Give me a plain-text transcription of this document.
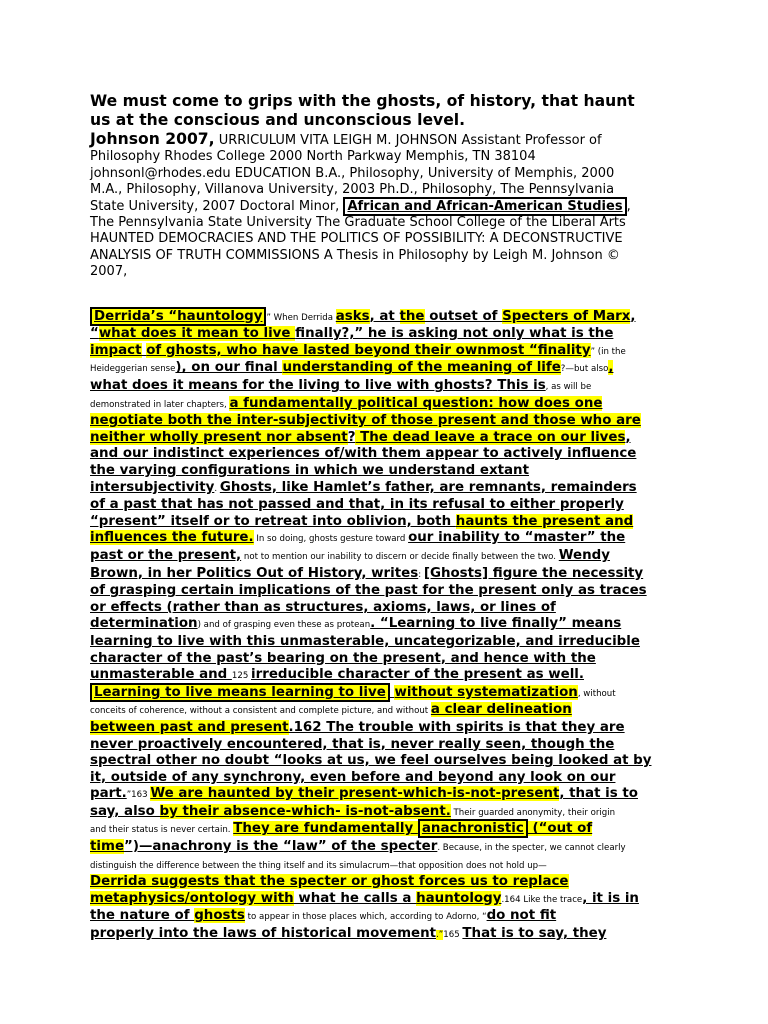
We must come to grips with the ghosts, of history, that haunt
us at the conscious and unconscious level.

Johnson 2007, URRICULUM VITA LEIGH M. JOHNSON Assistant Professor of
Philosophy Rhodes College 2000 North Parkway Memphis, TN 38104
johnsonl@rhodes.edu EDUCATION B.A., Philosophy, University of Memphis, 2000
M.A., Philosophy, Villanova University, 2003 Ph.D., Philosophy, The Pennsylvania
State University, 2007 Doctoral Minor, African and African-American Studies ,
The Pennsylvania State University The Graduate School College of the Liberal Arts
HAUNTED DEMOCRACIES AND THE POLITICS OF POSSIBILITY: A DECONSTRUCTIVE
ANALYSIS OF TRUTH COMMISSIONS A Thesis in Philosophy by Leigh M. Johnson ©
2007,
Derrida’s “hauntology ” When Derrida asks, at the outset of Specters of Marx,
“what does it mean to live finally?,” he is asking not only what is the
impact of ghosts, who have lasted beyond their ownmost “finality” (in the
Heideggerian sense), on our final understanding of the meaning of life?—but also,
what does it means for the living to live with ghosts? This is, as will be
demonstrated in later chapters, a fundamentally political question: how does one
negotiate both the inter-subjectivity of those present and those who are
neither wholly present nor absent? The dead leave a trace on our lives,
and our indistinct experiences of/with them appear to actively influence
the varying configurations in which we understand extant
intersubjectivity. Ghosts, like Hamlet’s father, are remnants, remainders
of a past that has not passed and that, in its refusal to either properly
“present” itself or to retreat into oblivion, both haunts the present and
influences the future. In so doing, ghosts gesture toward our inability to “master” the
past or the present, not to mention our inability to discern or decide finally between the two. Wendy
Brown, in her Politics Out of History, writes: [Ghosts] figure the necessity
of grasping certain implications of the past for the present only as traces
or effects (rather than as structures, axioms, laws, or lines of
determination) and of grasping even these as protean. “Learning to live finally” means
learning to live with this unmasterable, uncategorizable, and irreducible
character of the past’s bearing on the present, and hence with the
unmasterable and 125 irreducible character of the present as well.
Learning to live means learning to live without systematization, without
conceits of coherence, without a consistent and complete picture, and without a clear delineation
between past and present.162 The trouble with spirits is that they are
never proactively encountered, that is, never really seen, though the
spectral other no doubt “looks at us, we feel ourselves being looked at by
it, outside of any synchrony, even before and beyond any look on our
part.”163 We are haunted by their present-which-is-not-present, that is to
say, also by their absence-which- is-not-absent. Their guarded anonymity, their origin
and their status is never certain. They are fundamentally anachronistic (“out of
time”)—anachrony is the “law” of the specter. Because, in the specter, we cannot clearly
distinguish the difference between the thing itself and its simulacrum—that opposition does not hold up—
Derrida suggests that the specter or ghost forces us to replace
metaphysics/ontology with what he calls a hauntology.164 Like the trace, it is in
the nature of ghosts to appear in those places which, according to Adorno, “do not fit
properly into the laws of historical movement.”165 That is to say, they
